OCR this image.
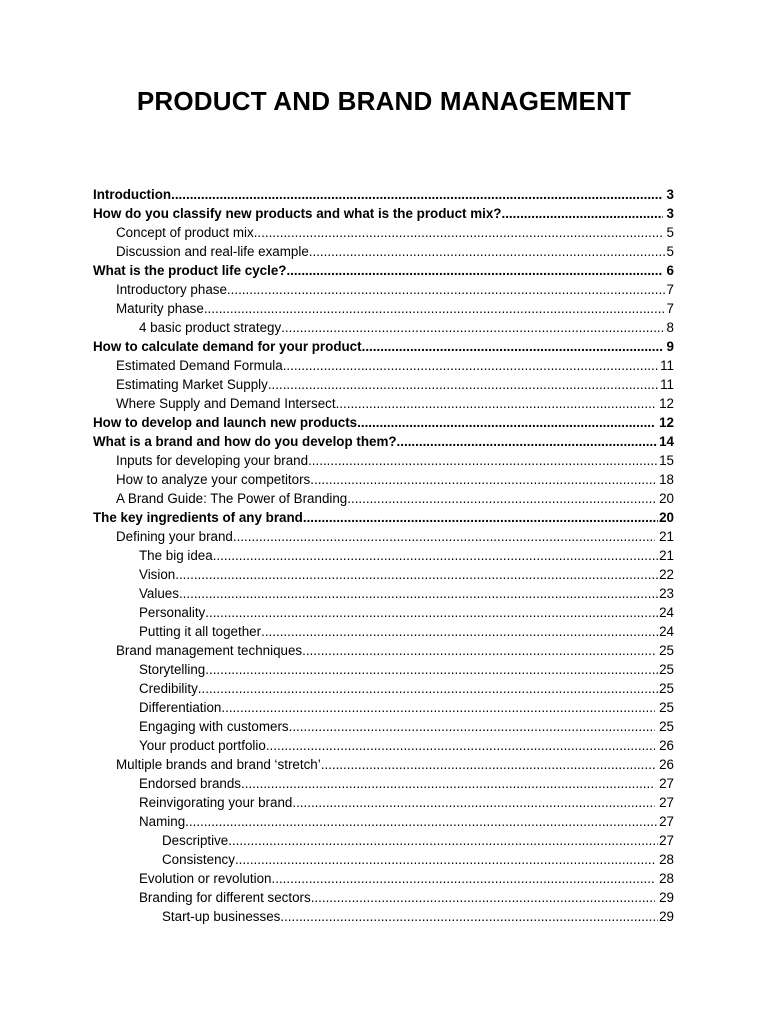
PRODUCT AND BRAND MANAGEMENT
Introduction .....	3
How do you classify new products and what is the product mix? .....	3
Concept of product mix .....	5
Discussion and real-life example .....	5
What is the product life cycle? .....	6
Introductory phase .....	7
Maturity phase .....	7
4 basic product strategy .....	8
How to calculate demand for your product .....	9
Estimated Demand Formula .....	11
Estimating Market Supply .....	11
Where Supply and Demand Intersect .....	12
How to develop and launch new products .....	12
What is a brand and how do you develop them? .....	14
Inputs for developing your brand .....	15
How to analyze your competitors .....	18
A Brand Guide: The Power of Branding .....	20
The key ingredients of any brand .....	20
Defining your brand .....	21
The big idea .....	21
Vision .....	22
Values .....	23
Personality .....	24
Putting it all together .....	24
Brand management techniques .....	25
Storytelling .....	25
Credibility .....	25
Differentiation .....	25
Engaging with customers .....	25
Your product portfolio .....	26
Multiple brands and brand ‘stretch’ .....	26
Endorsed brands .....	27
Reinvigorating your brand .....	27
Naming .....	27
Descriptive .....	27
Consistency .....	28
Evolution or revolution .....	28
Branding for different sectors .....	29
Start-up businesses .....	29
